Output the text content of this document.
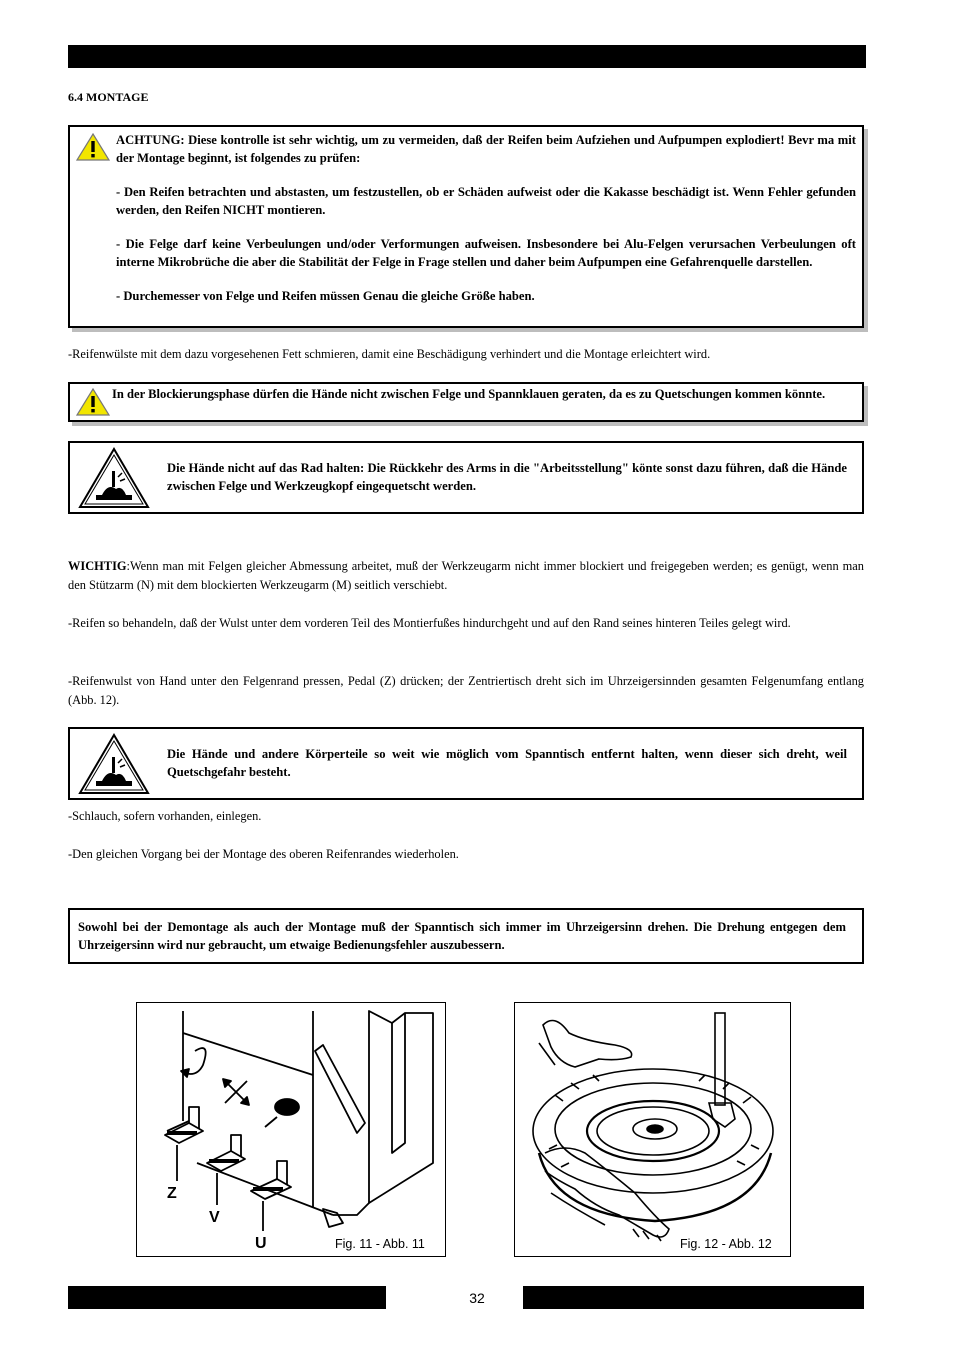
6.4 MONTAGE
ACHTUNG: Diese kontrolle ist sehr wichtig, um zu vermeiden, daß der Reifen beim Aufziehen und Aufpumpen explodiert! Bevr ma mit der Montage beginnt, ist folgendes zu prüfen:
- Den Reifen betrachten und abstasten, um festzustellen, ob er Schäden aufweist oder die Kakasse beschädigt ist. Wenn Fehler gefunden werden, den Reifen NICHT montieren.
- Die Felge darf keine Verbeulungen und/oder Verformungen aufweisen. Insbesondere bei Alu-Felgen verursachen Verbeulungen oft interne Mikrobrüche die aber die Stabilität der Felge in Frage stellen und daher beim Aufpumpen eine Gefahrenquelle darstellen.
- Durchemesser von Felge und Reifen müssen Genau die gleiche Größe haben.
-Reifenwülste mit dem dazu vorgesehenen Fett schmieren, damit eine Beschädigung verhindert und die Montage erleichtert wird.
In der Blockierungsphase dürfen die Hände nicht zwischen Felge und Spannklauen geraten, da es zu Quetschungen kommen könnte.
Die Hände nicht auf das Rad halten: Die Rückkehr des Arms in die "Arbeitsstellung" könte sonst dazu führen, daß die Hände zwischen Felge und Werkzeugkopf eingequetscht werden.
WICHTIG:Wenn man mit Felgen gleicher Abmessung arbeitet, muß der Werkzeugarm nicht immer blockiert und freigegeben werden; es genügt, wenn man den Stützarm (N) mit dem blockierten Werkzeugarm (M) seitlich verschiebt.
-Reifen so behandeln, daß der Wulst unter dem vorderen Teil des Montierfußes hindurchgeht und auf den Rand seines hinteren Teiles gelegt wird.
-Reifenwulst von Hand unter den Felgenrand pressen, Pedal (Z) drücken; der Zentriertisch dreht sich im Uhrzeigersinnden gesamten Felgenumfang entlang (Abb. 12).
Die Hände und andere Körperteile so weit wie möglich vom Spanntisch entfernt halten, wenn dieser sich dreht, weil Quetschgefahr besteht.
-Schlauch, sofern vorhanden, einlegen.
-Den gleichen Vorgang bei der Montage des oberen Reifenrandes wiederholen.
Sowohl bei der Demontage als auch der Montage muß der Spanntisch sich immer im Uhrzeigersinn drehen. Die Drehung entgegen dem Uhrzeigersinn wird nur gebraucht, um etwaige Bedienungsfehler auszubessern.
Z
V
U	Fig. 11 - Abb. 11	Fig. 12 - Abb. 12
32
